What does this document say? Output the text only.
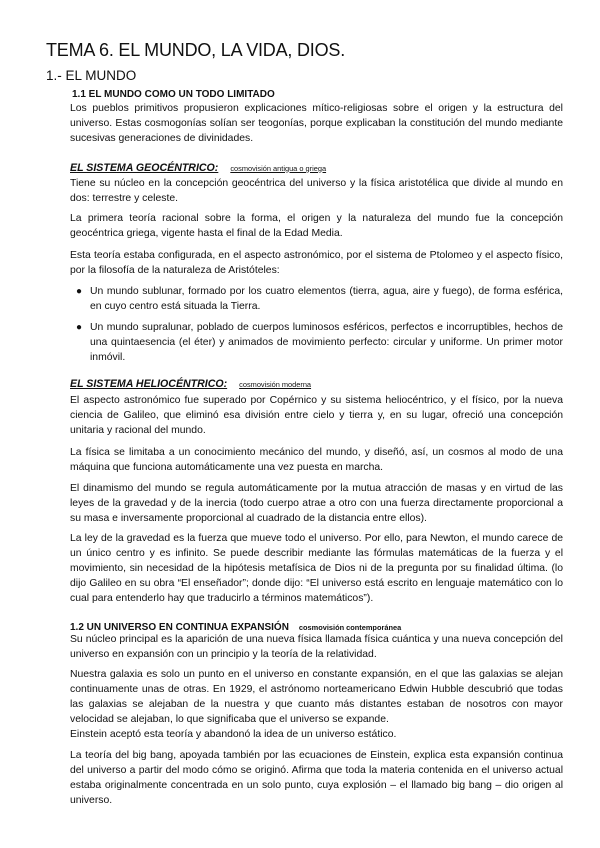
TEMA 6. EL MUNDO, LA VIDA, DIOS.
1.- EL MUNDO
1.1 EL MUNDO COMO UN TODO LIMITADO

Los pueblos primitivos propusieron explicaciones mítico-religiosas sobre el origen y la estructura del universo. Estas cosmogonías solían ser teogonías, porque explicaban la constitución del mundo mediante sucesivas generaciones de divinidades.

EL SISTEMA GEOCÉNTRICO: cosmovisión antigua o griega

Tiene su núcleo en la concepción geocéntrica del universo y la física aristotélica que divide al mundo en dos: terrestre y celeste.

La primera teoría racional sobre la forma, el origen y la naturaleza del mundo fue la concepción geocéntrica griega, vigente hasta el final de la Edad Media.

Esta teoría estaba configurada, en el aspecto astronómico, por el sistema de Ptolomeo y el aspecto físico, por la filosofía de la naturaleza de Aristóteles:

● Un mundo sublunar, formado por los cuatro elementos (tierra, agua, aire y fuego), de forma esférica, en cuyo centro está situada la Tierra.
● Un mundo supralunar, poblado de cuerpos luminosos esféricos, perfectos e incorruptibles, hechos de una quintaesencia (el éter) y animados de movimiento perfecto: circular y uniforme. Un primer motor inmóvil.
EL SISTEMA HELIOCÉNTRICO: cosmovisión moderna

El aspecto astronómico fue superado por Copérnico y su sistema heliocéntrico, y el físico, por la nueva ciencia de Galileo, que eliminó esa división entre cielo y tierra y, en su lugar, ofreció una concepción unitaria y racional del mundo.

La física se limitaba a un conocimiento mecánico del mundo, y diseñó, así, un cosmos al modo de una máquina que funciona automáticamente una vez puesta en marcha.

El dinamismo del mundo se regula automáticamente por la mutua atracción de masas y en virtud de las leyes de la gravedad y de la inercia (todo cuerpo atrae a otro con una fuerza directamente proporcional a su masa e inversamente proporcional al cuadrado de la distancia entre ellos).

La ley de la gravedad es la fuerza que mueve todo el universo. Por ello, para Newton, el mundo carece de un único centro y es infinito. Se puede describir mediante las fórmulas matemáticas de la fuerza y el movimiento, sin necesidad de la hipótesis metafísica de Dios ni de la pregunta por su finalidad última. (lo dijo Galileo en su obra “El enseñador”; donde dijo: “El universo está escrito en lenguaje matemático con lo cual para entenderlo hay que traducirlo a términos matemáticos”).

1.2 UN UNIVERSO EN CONTINUA EXPANSIÓN cosmovisión contemporánea

Su núcleo principal es la aparición de una nueva física llamada física cuántica y una nueva concepción del universo en expansión con un principio y la teoría de la relatividad.

Nuestra galaxia es solo un punto en el universo en constante expansión, en el que las galaxias se alejan continuamente unas de otras. En 1929, el astrónomo norteamericano Edwin Hubble descubrió que todas las galaxias se alejaban de la nuestra y que cuanto más distantes estaban de nosotros con mayor velocidad se alejaban, lo que significaba que el universo se expande.

Einstein aceptó esta teoría y abandonó la idea de un universo estático.

La teoría del big bang, apoyada también por las ecuaciones de Einstein, explica esta expansión continua del universo a partir del modo cómo se originó. Afirma que toda la materia contenida en el universo actual estaba originalmente concentrada en un solo punto, cuya explosión – el llamado big bang – dio origen al universo.
